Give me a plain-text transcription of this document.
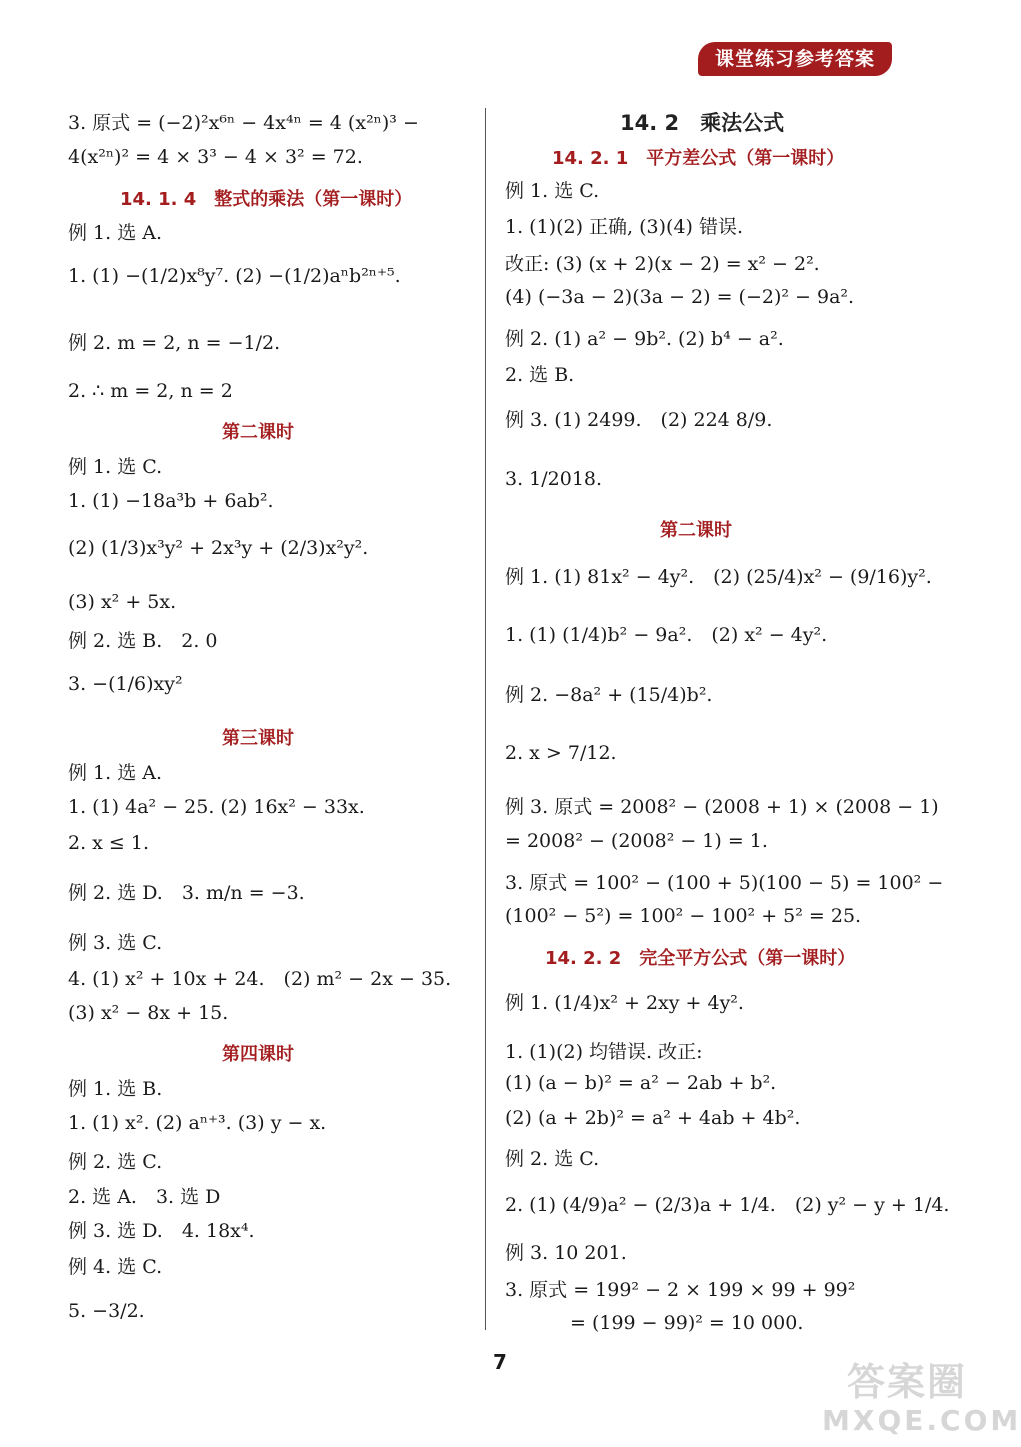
课堂练习参考答案
3. 原式 = (−2)²x⁶ⁿ − 4x⁴ⁿ = 4 (x²ⁿ)³ −
4(x²ⁿ)² = 4 × 3³ − 4 × 3² = 72.
14. 1. 4　整式的乘法（第一课时）
例 1. 选 A.
1. (1) −(1/2)x⁸y⁷. (2) −(1/2)aⁿb²ⁿ⁺⁵.
例 2. m = 2, n = −1/2.
2. ∴ m = 2, n = 2
第二课时
例 1. 选 C.
1. (1) −18a³b + 6ab².
(2) (1/3)x³y² + 2x³y + (2/3)x²y².
(3) x² + 5x.
例 2. 选 B.　2. 0
3. −(1/6)xy²
第三课时
例 1. 选 A.
1. (1) 4a² − 25. (2) 16x² − 33x.
2. x ≤ 1.
例 2. 选 D.　3. m/n = −3.
例 3. 选 C.
4. (1) x² + 10x + 24.　(2) m² − 2x − 35.
(3) x² − 8x + 15.
第四课时
例 1. 选 B.
1. (1) x². (2) aⁿ⁺³. (3) y − x.
例 2. 选 C.
2. 选 A.　3. 选 D
例 3. 选 D.　4. 18x⁴.
例 4. 选 C.
5. −3/2.
14. 2　乘法公式
14. 2. 1　平方差公式（第一课时）
例 1. 选 C.
1. (1)(2) 正确, (3)(4) 错误.
改正: (3) (x + 2)(x − 2) = x² − 2².
(4) (−3a − 2)(3a − 2) = (−2)² − 9a².
例 2. (1) a² − 9b². (2) b⁴ − a².
2. 选 B.
例 3. (1) 2499.　(2) 224 8/9.
3. 1/2018.
第二课时
例 1. (1) 81x² − 4y².　(2) (25/4)x² − (9/16)y².
1. (1) (1/4)b² − 9a².　(2) x² − 4y².
例 2. −8a² + (15/4)b².
2. x > 7/12.
例 3. 原式 = 2008² − (2008 + 1) × (2008 − 1)
= 2008² − (2008² − 1) = 1.
3. 原式 = 100² − (100 + 5)(100 − 5) = 100² −
(100² − 5²) = 100² − 100² + 5² = 25.
14. 2. 2　完全平方公式（第一课时）
例 1. (1/4)x² + 2xy + 4y².
1. (1)(2) 均错误. 改正:
(1) (a − b)² = a² − 2ab + b².
(2) (a + 2b)² = a² + 4ab + 4b².
例 2. 选 C.
2. (1) (4/9)a² − (2/3)a + 1/4.　(2) y² − y + 1/4.
例 3. 10 201.
3. 原式 = 199² − 2 × 199 × 99 + 99²
= (199 − 99)² = 10 000.
7	答案圈
MXQE.COM
